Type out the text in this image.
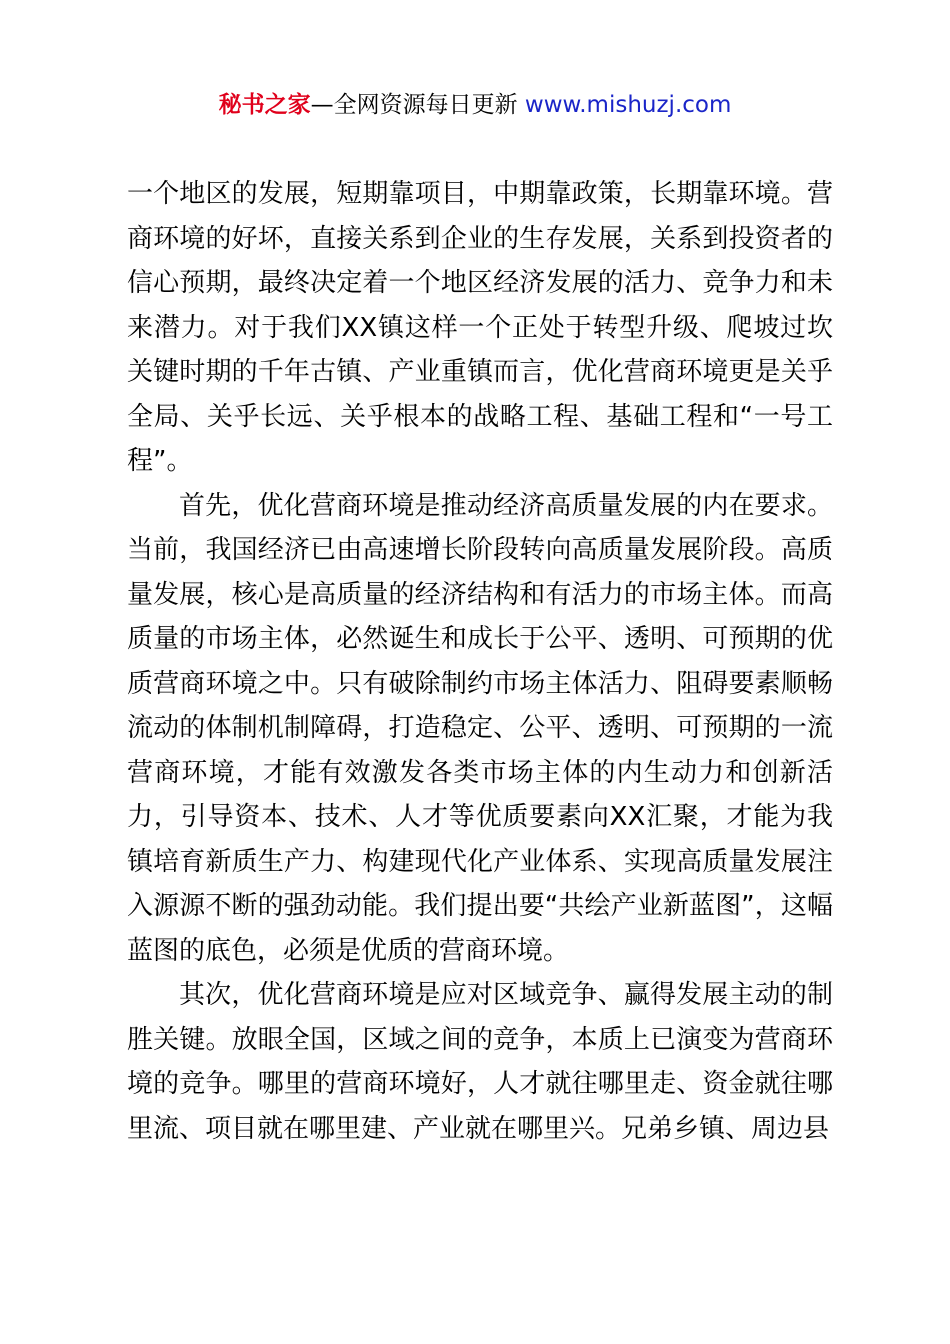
秘书之家—全网资源每日更新 www.mishuzj.com

一个地区的发展，短期靠项目，中期靠政策，长期靠环境。营商环境的好坏，直接关系到企业的生存发展，关系到投资者的信心预期，最终决定着一个地区经济发展的活力、竞争力和未来潜力。对于我们XX镇这样一个正处于转型升级、爬坡过坎关键时期的千年古镇、产业重镇而言，优化营商环境更是关乎全局、关乎长远、关乎根本的战略工程、基础工程和“一号工程”。

首先，优化营商环境是推动经济高质量发展的内在要求。当前，我国经济已由高速增长阶段转向高质量发展阶段。高质量发展，核心是高质量的经济结构和有活力的市场主体。而高质量的市场主体，必然诞生和成长于公平、透明、可预期的优质营商环境之中。只有破除制约市场主体活力、阻碍要素顺畅流动的体制机制障碍，打造稳定、公平、透明、可预期的一流营商环境，才能有效激发各类市场主体的内生动力和创新活力，引导资本、技术、人才等优质要素向XX汇聚，才能为我镇培育新质生产力、构建现代化产业体系、实现高质量发展注入源源不断的强劲动能。我们提出要“共绘产业新蓝图”，这幅蓝图的底色，必须是优质的营商环境。

其次，优化营商环境是应对区域竞争、赢得发展主动的制胜关键。放眼全国，区域之间的竞争，本质上已演变为营商环境的竞争。哪里的营商环境好，人才就往哪里走、资金就往哪里流、项目就在哪里建、产业就在哪里兴。兄弟乡镇、周边县
